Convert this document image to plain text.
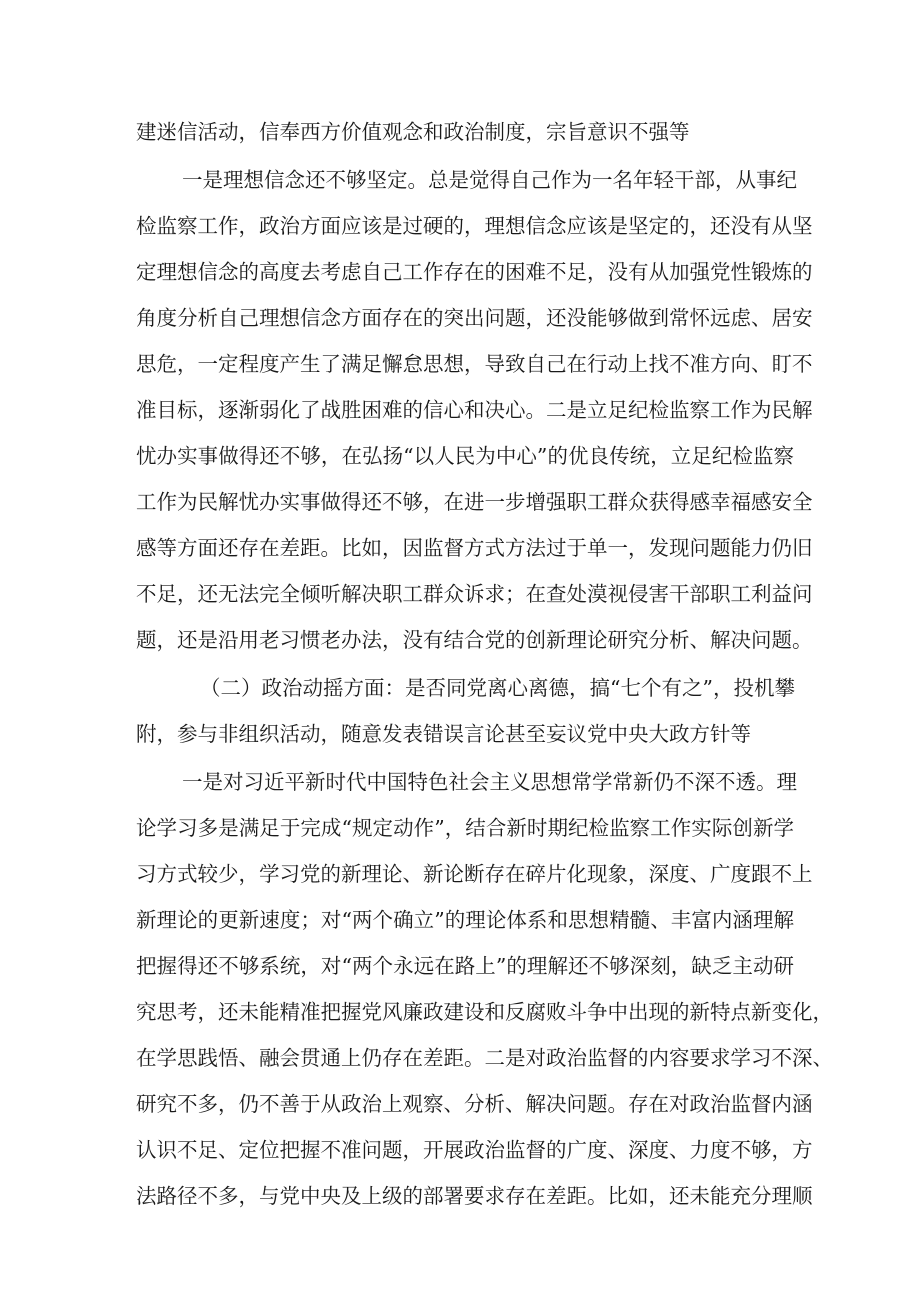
建迷信活动，信奉西方价值观念和政治制度，宗旨意识不强等
一是理想信念还不够坚定。总是觉得自己作为一名年轻干部，从事纪
检监察工作，政治方面应该是过硬的，理想信念应该是坚定的，还没有从坚
定理想信念的高度去考虑自己工作存在的困难不足，没有从加强党性锻炼的
角度分析自己理想信念方面存在的突出问题，还没能够做到常怀远虑、居安
思危，一定程度产生了满足懈怠思想，导致自己在行动上找不准方向、盯不
准目标，逐渐弱化了战胜困难的信心和决心。二是立足纪检监察工作为民解
忧办实事做得还不够，在弘扬“以人民为中心”的优良传统，立足纪检监察
工作为民解忧办实事做得还不够，在进一步增强职工群众获得感幸福感安全
感等方面还存在差距。比如，因监督方式方法过于单一，发现问题能力仍旧
不足，还无法完全倾听解决职工群众诉求；在查处漠视侵害干部职工利益问
题，还是沿用老习惯老办法，没有结合党的创新理论研究分析、解决问题。
（二）政治动摇方面：是否同党离心离德，搞“七个有之”，投机攀
附，参与非组织活动，随意发表错误言论甚至妄议党中央大政方针等
一是对习近平新时代中国特色社会主义思想常学常新仍不深不透。理
论学习多是满足于完成“规定动作”，结合新时期纪检监察工作实际创新学
习方式较少，学习党的新理论、新论断存在碎片化现象，深度、广度跟不上
新理论的更新速度；对“两个确立”的理论体系和思想精髓、丰富内涵理解
把握得还不够系统，对“两个永远在路上”的理解还不够深刻，缺乏主动研
究思考，还未能精准把握党风廉政建设和反腐败斗争中出现的新特点新变化，
在学思践悟、融会贯通上仍存在差距。二是对政治监督的内容要求学习不深、
研究不多，仍不善于从政治上观察、分析、解决问题。存在对政治监督内涵
认识不足、定位把握不准问题，开展政治监督的广度、深度、力度不够，方
法路径不多，与党中央及上级的部署要求存在差距。比如，还未能充分理顺
